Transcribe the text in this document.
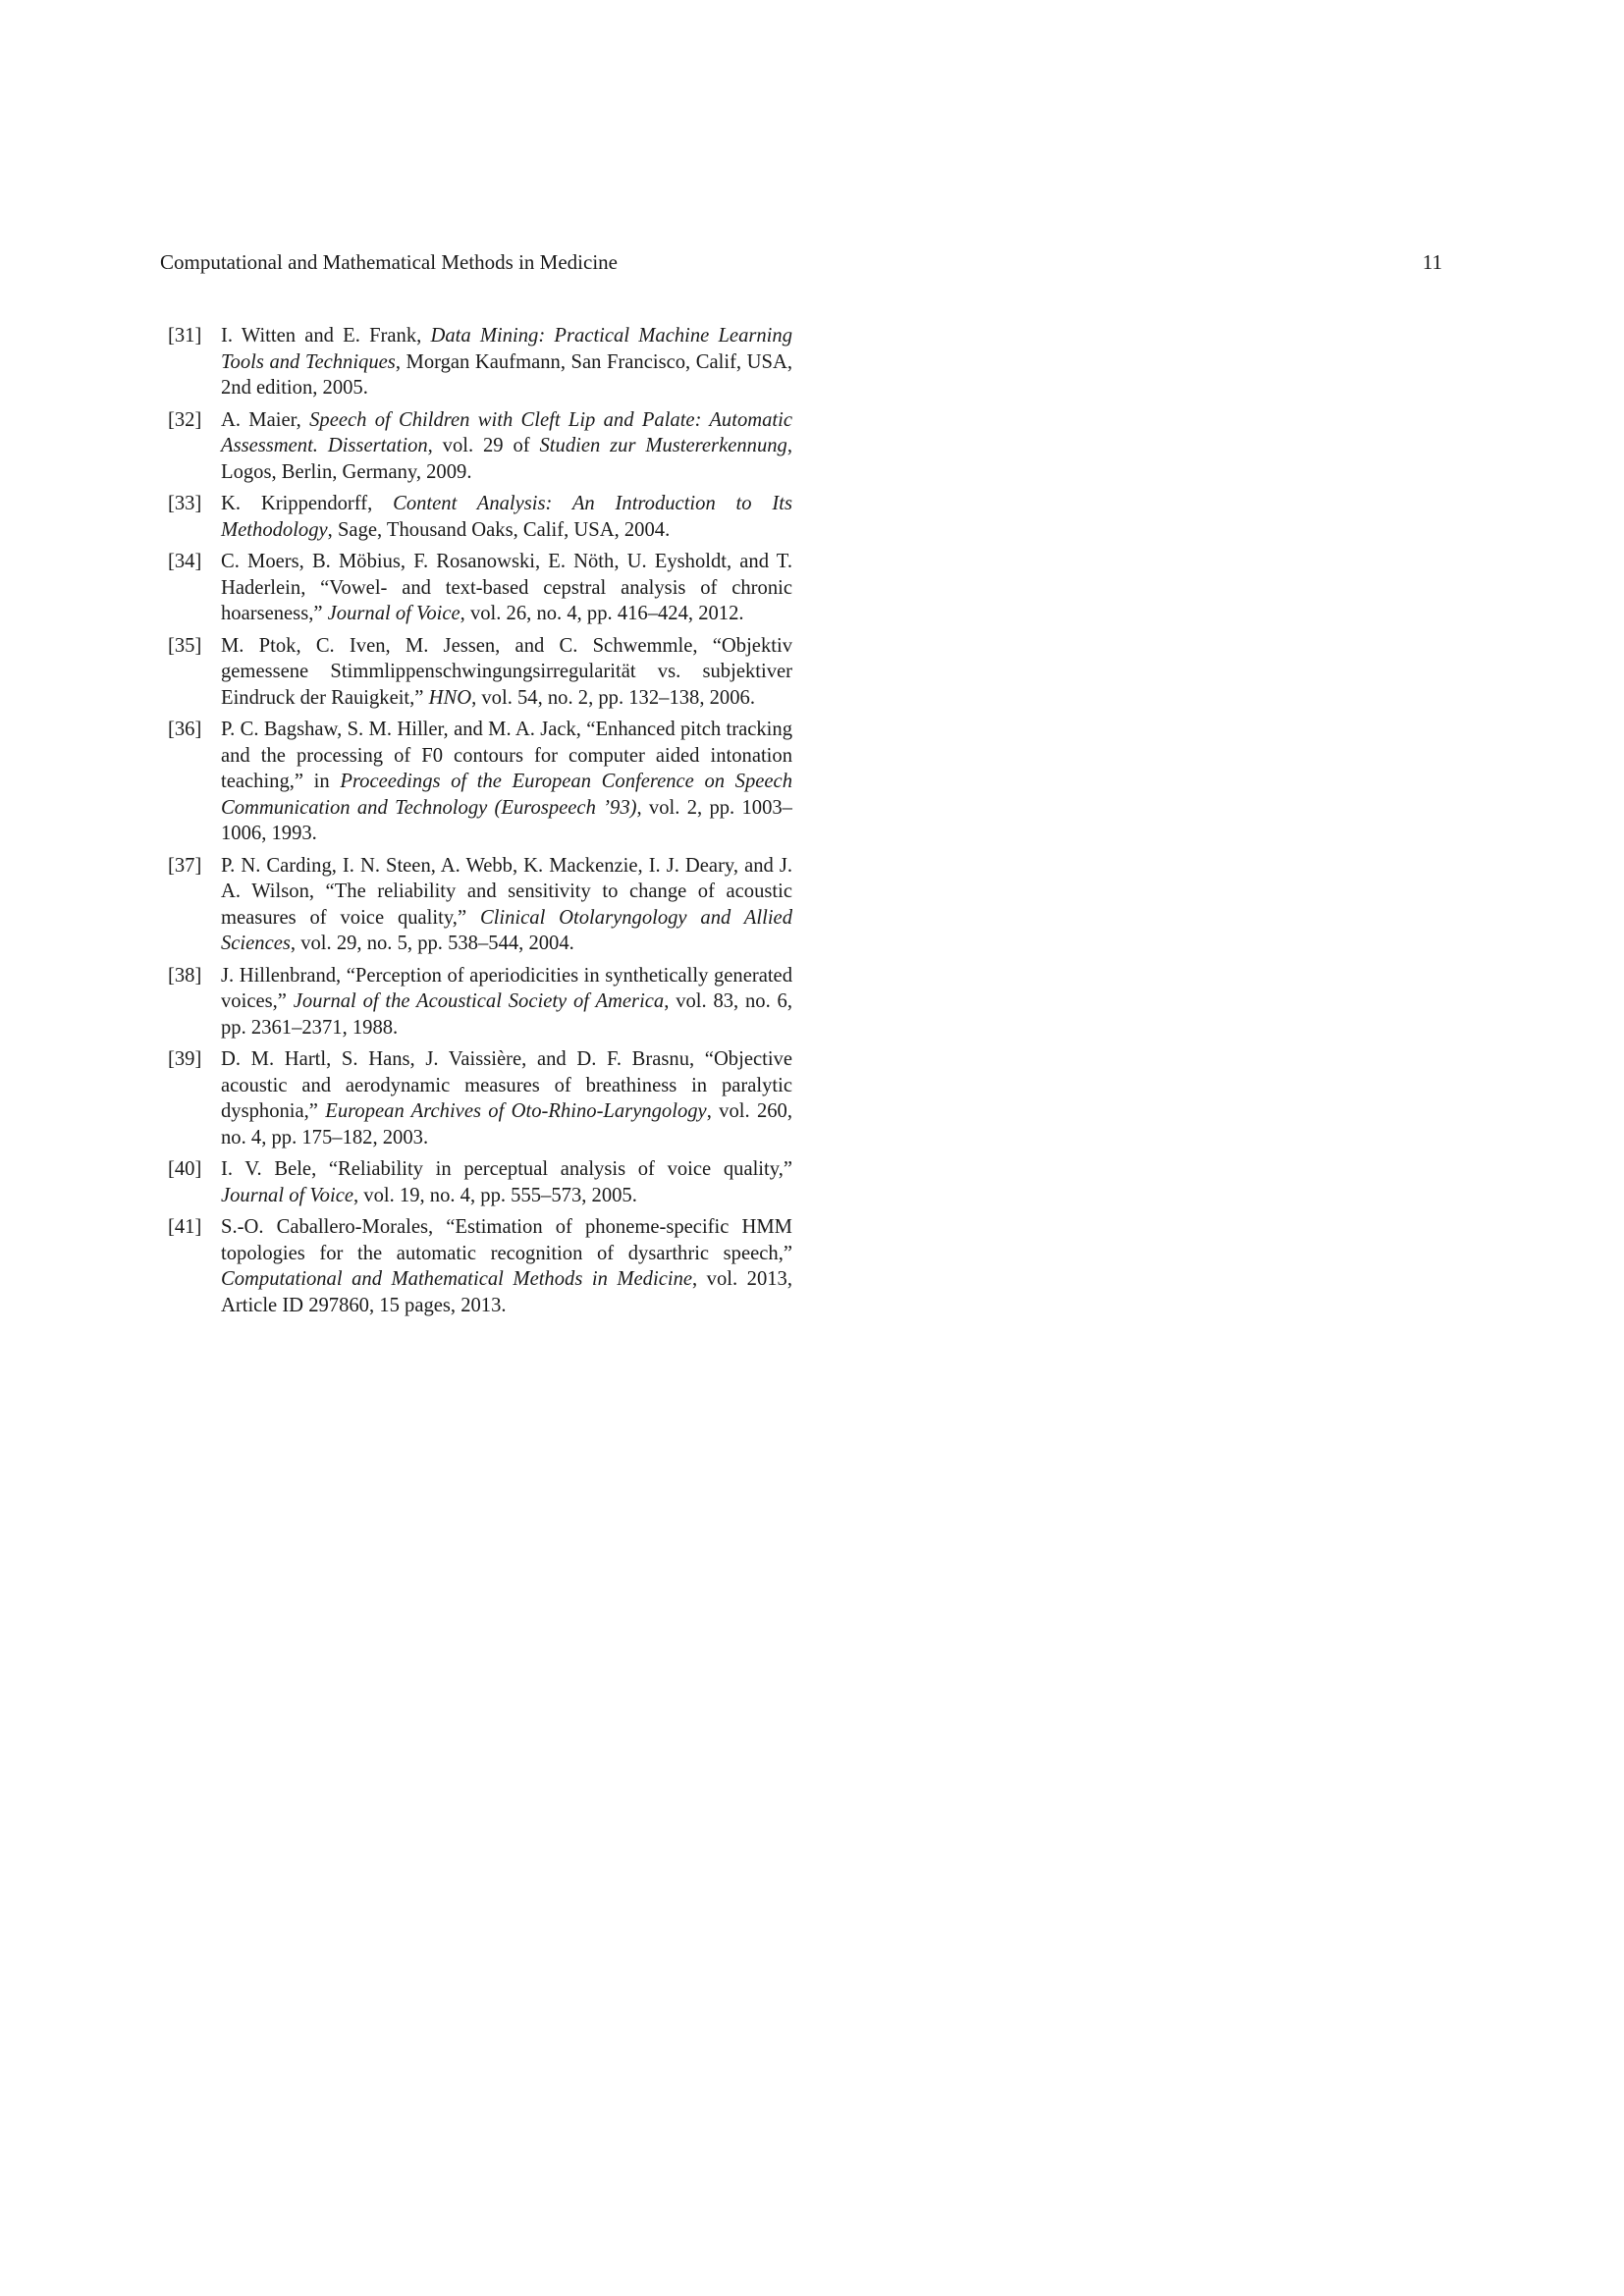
Computational and Mathematical Methods in Medicine	11
[31] I. Witten and E. Frank, Data Mining: Practical Machine Learning Tools and Techniques, Morgan Kaufmann, San Francisco, Calif, USA, 2nd edition, 2005.
[32] A. Maier, Speech of Children with Cleft Lip and Palate: Automatic Assessment. Dissertation, vol. 29 of Studien zur Mustererkennung, Logos, Berlin, Germany, 2009.
[33] K. Krippendorff, Content Analysis: An Introduction to Its Methodology, Sage, Thousand Oaks, Calif, USA, 2004.
[34] C. Moers, B. Möbius, F. Rosanowski, E. Nöth, U. Eysholdt, and T. Haderlein, “Vowel- and text-based cepstral analysis of chronic hoarseness,” Journal of Voice, vol. 26, no. 4, pp. 416–424, 2012.
[35] M. Ptok, C. Iven, M. Jessen, and C. Schwemmle, “Objektiv gemessene Stimmlippenschwingungsirregularität vs. subjektiver Eindruck der Rauigkeit,” HNO, vol. 54, no. 2, pp. 132–138, 2006.
[36] P. C. Bagshaw, S. M. Hiller, and M. A. Jack, “Enhanced pitch tracking and the processing of F0 contours for computer aided intonation teaching,” in Proceedings of the European Conference on Speech Communication and Technology (Eurospeech ’93), vol. 2, pp. 1003–1006, 1993.
[37] P. N. Carding, I. N. Steen, A. Webb, K. Mackenzie, I. J. Deary, and J. A. Wilson, “The reliability and sensitivity to change of acoustic measures of voice quality,” Clinical Otolaryngology and Allied Sciences, vol. 29, no. 5, pp. 538–544, 2004.
[38] J. Hillenbrand, “Perception of aperiodicities in synthetically generated voices,” Journal of the Acoustical Society of America, vol. 83, no. 6, pp. 2361–2371, 1988.
[39] D. M. Hartl, S. Hans, J. Vaissière, and D. F. Brasnu, “Objective acoustic and aerodynamic measures of breathiness in paralytic dysphonia,” European Archives of Oto-Rhino-Laryngology, vol. 260, no. 4, pp. 175–182, 2003.
[40] I. V. Bele, “Reliability in perceptual analysis of voice quality,” Journal of Voice, vol. 19, no. 4, pp. 555–573, 2005.
[41] S.-O. Caballero-Morales, “Estimation of phoneme-specific HMM topologies for the automatic recognition of dysarthric speech,” Computational and Mathematical Methods in Medicine, vol. 2013, Article ID 297860, 15 pages, 2013.
